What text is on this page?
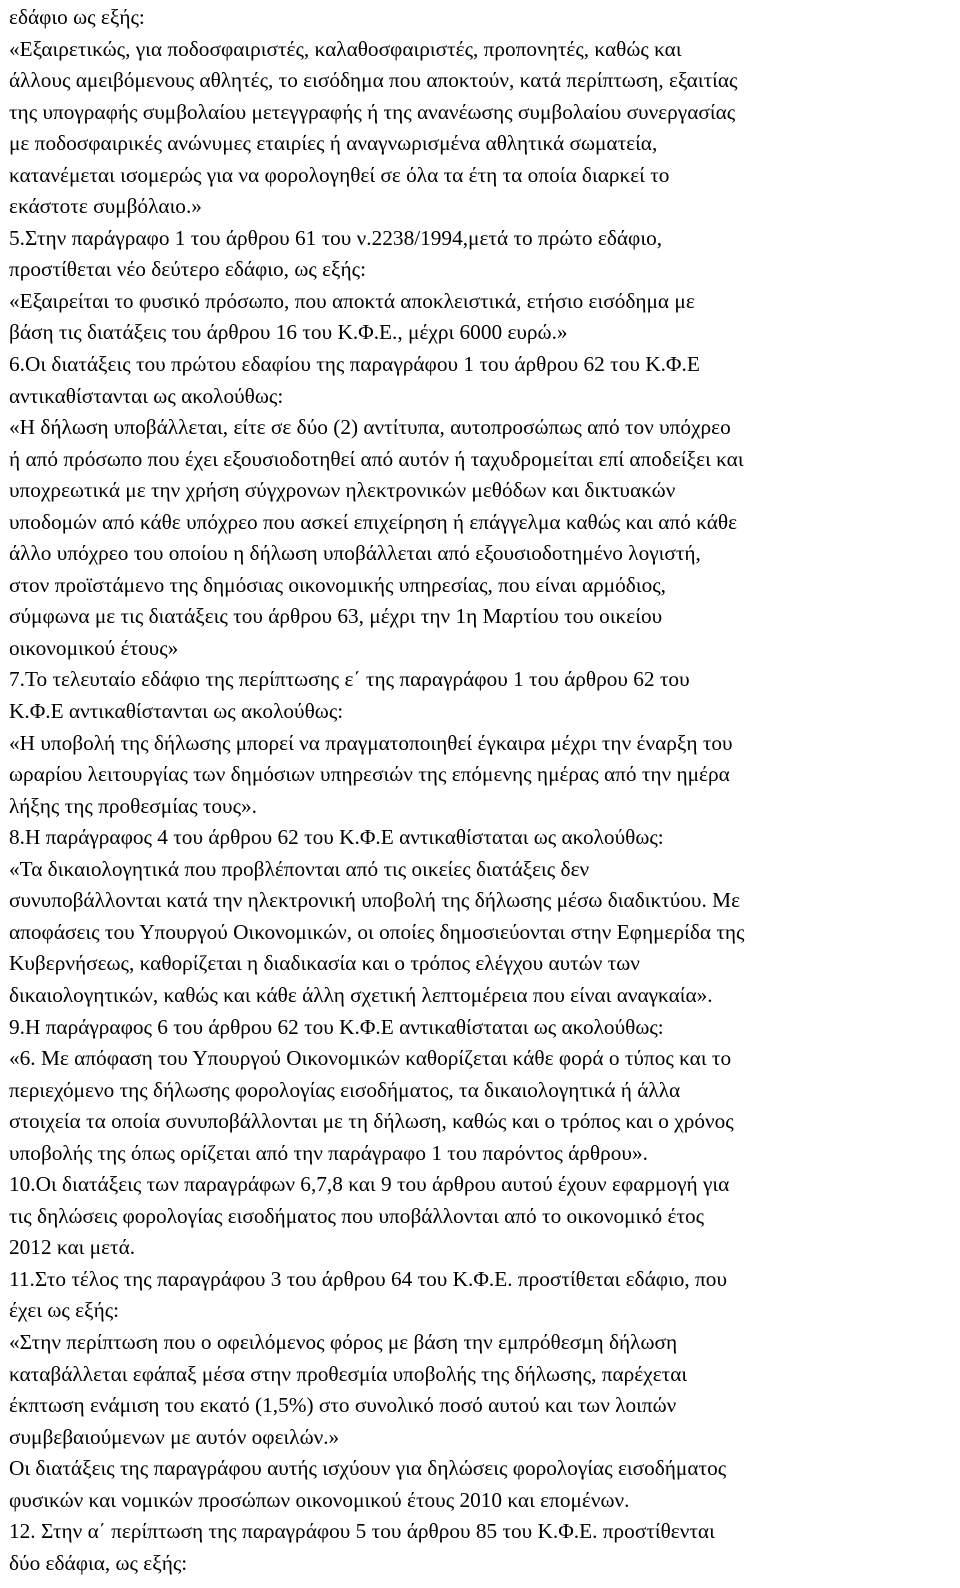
εδάφιο ως εξής:
«Εξαιρετικώς, για ποδοσφαιριστές, καλαθοσφαιριστές, προπονητές, καθώς και
άλλους αμειβόμενους αθλητές, το εισόδημα που αποκτούν, κατά περίπτωση, εξαιτίας
της υπογραφής συμβολαίου μετεγγραφής ή της ανανέωσης συμβολαίου συνεργασίας
με ποδοσφαιρικές ανώνυμες εταιρίες ή αναγνωρισμένα αθλητικά σωματεία,
κατανέμεται ισομερώς για να φορολογηθεί σε όλα τα έτη τα οποία διαρκεί το
εκάστοτε συμβόλαιο.»
5.Στην παράγραφο 1 του άρθρου 61 του ν.2238/1994,μετά το πρώτο εδάφιο,
προστίθεται νέο δεύτερο εδάφιο, ως εξής:
«Εξαιρείται το φυσικό πρόσωπο, που αποκτά αποκλειστικά, ετήσιο εισόδημα με
βάση τις διατάξεις του άρθρου 16 του Κ.Φ.Ε., μέχρι 6000 ευρώ.»
6.Οι διατάξεις του πρώτου εδαφίου της παραγράφου 1 του άρθρου 62 του Κ.Φ.Ε
αντικαθίστανται ως ακολούθως:
«Η δήλωση υποβάλλεται, είτε σε δύο (2) αντίτυπα, αυτοπροσώπως από τον υπόχρεο
ή από πρόσωπο που έχει εξουσιοδοτηθεί από αυτόν ή ταχυδρομείται επί αποδείξει και
υποχρεωτικά με την χρήση σύγχρονων ηλεκτρονικών μεθόδων και δικτυακών
υποδομών από κάθε υπόχρεο που ασκεί επιχείρηση ή επάγγελμα καθώς και από κάθε
άλλο υπόχρεο του οποίου η δήλωση υποβάλλεται από εξουσιοδοτημένο λογιστή,
στον προϊστάμενο της δημόσιας οικονομικής υπηρεσίας, που είναι αρμόδιος,
σύμφωνα με τις διατάξεις του άρθρου 63, μέχρι την 1η Μαρτίου του οικείου
οικονομικού έτους»
7.Το τελευταίο εδάφιο της περίπτωσης ε΄ της παραγράφου 1 του άρθρου 62 του
Κ.Φ.Ε αντικαθίστανται ως ακολούθως:
«Η υποβολή της δήλωσης μπορεί να πραγματοποιηθεί έγκαιρα μέχρι την έναρξη του
ωραρίου λειτουργίας των δημόσιων υπηρεσιών της επόμενης ημέρας από την ημέρα
λήξης της προθεσμίας τους».
8.Η παράγραφος 4 του άρθρου 62 του Κ.Φ.Ε αντικαθίσταται ως ακολούθως:
«Τα δικαιολογητικά που προβλέπονται από τις οικείες διατάξεις δεν
συνυποβάλλονται κατά την ηλεκτρονική υποβολή της δήλωσης μέσω διαδικτύου. Με
αποφάσεις του Υπουργού Οικονομικών, οι οποίες δημοσιεύονται στην Εφημερίδα της
Κυβερνήσεως, καθορίζεται η διαδικασία και ο τρόπος ελέγχου αυτών των
δικαιολογητικών, καθώς και κάθε άλλη σχετική λεπτομέρεια που είναι αναγκαία».
9.Η παράγραφος 6 του άρθρου 62 του Κ.Φ.Ε αντικαθίσταται ως ακολούθως:
«6. Με απόφαση του Υπουργού Οικονομικών καθορίζεται κάθε φορά ο τύπος και το
περιεχόμενο της δήλωσης φορολογίας εισοδήματος, τα δικαιολογητικά ή άλλα
στοιχεία τα οποία συνυποβάλλονται με τη δήλωση, καθώς και ο τρόπος και ο χρόνος
υποβολής της όπως ορίζεται από την παράγραφο 1 του παρόντος άρθρου».
10.Οι διατάξεις των παραγράφων 6,7,8 και 9 του άρθρου αυτού έχουν εφαρμογή για
τις δηλώσεις φορολογίας εισοδήματος που υποβάλλονται από το οικονομικό έτος
2012 και μετά.
11.Στο τέλος της παραγράφου 3 του άρθρου 64 του Κ.Φ.Ε. προστίθεται εδάφιο, που
έχει ως εξής:
«Στην περίπτωση που ο οφειλόμενος φόρος με βάση την εμπρόθεσμη δήλωση
καταβάλλεται εφάπαξ μέσα στην προθεσμία υποβολής της δήλωσης, παρέχεται
έκπτωση ενάμιση του εκατό (1,5%) στο συνολικό ποσό αυτού και των λοιπών
συμβεβαιούμενων με αυτόν οφειλών.»
Οι διατάξεις της παραγράφου αυτής ισχύουν για δηλώσεις φορολογίας εισοδήματος
φυσικών και νομικών προσώπων οικονομικού έτους 2010 και επομένων.
12. Στην α΄ περίπτωση της παραγράφου 5 του άρθρου 85 του Κ.Φ.Ε. προστίθενται
δύο εδάφια, ως εξής:
